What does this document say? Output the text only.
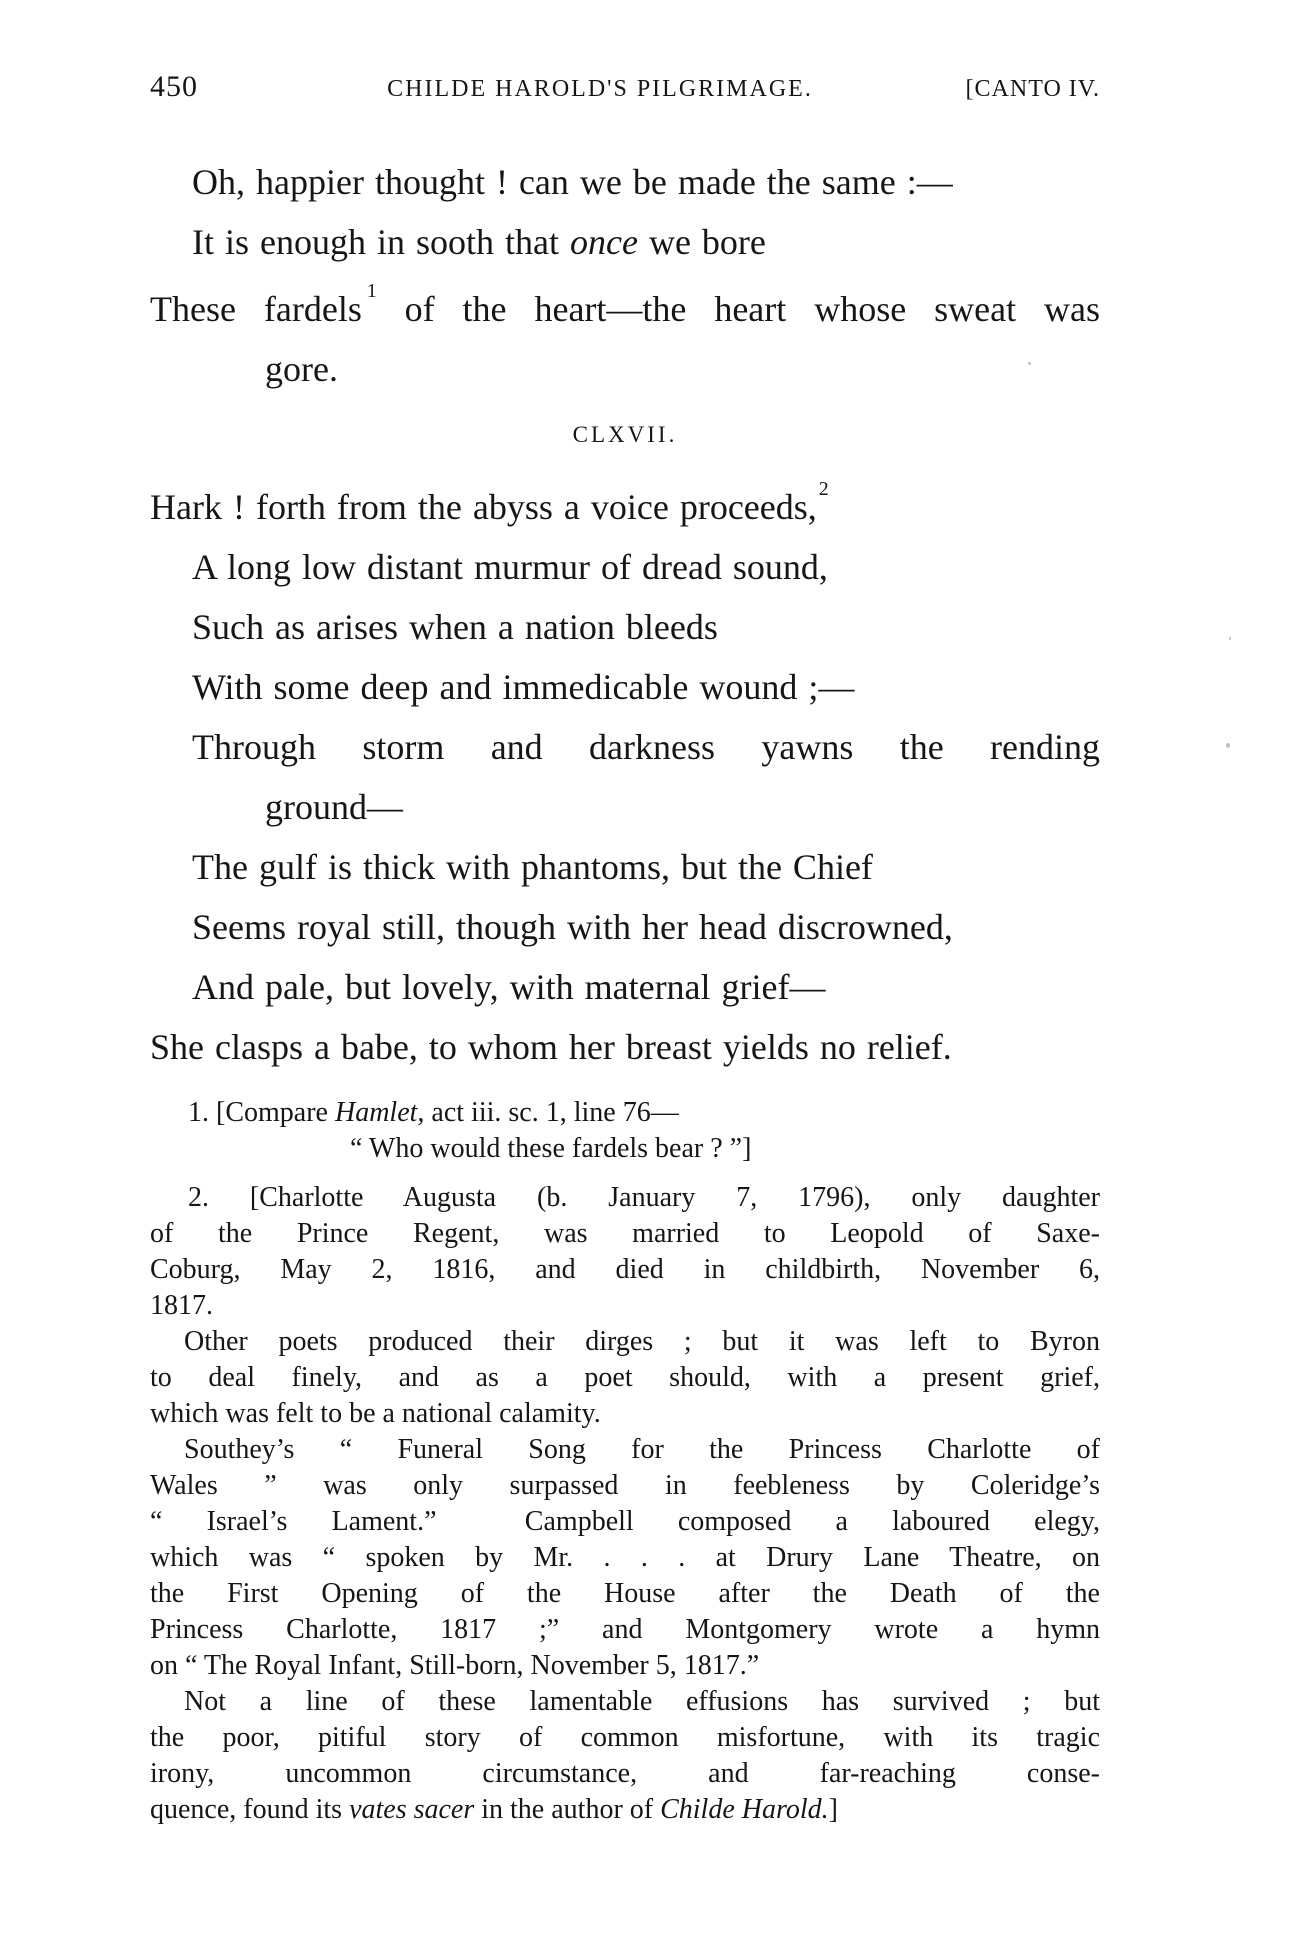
450	CHILDE HAROLD'S PILGRIMAGE.	[CANTO IV.
Oh, happier thought ! can we be made the same :—
It is enough in sooth that once we bore
These fardels $^1$ of the heart—the heart whose sweat was
gore.
CLXVII.
Hark ! forth from the abyss a voice proceeds, $^2$
A long low distant murmur of dread sound,
Such as arises when a nation bleeds
With some deep and immedicable wound ;—
Through storm and darkness yawns the rending
ground—
The gulf is thick with phantoms, but the Chief
Seems royal still, though with her head discrowned,
And pale, but lovely, with maternal grief—
She clasps a babe, to whom her breast yields no relief.
1. [Compare Hamlet, act iii. sc. 1, line 76—
“ Who would these fardels bear ? ”]
2. [Charlotte Augusta (b. January 7, 1796), only daughter
of the Prince Regent, was married to Leopold of Saxe-
Coburg, May 2, 1816, and died in childbirth, November 6,
1817.
Other poets produced their dirges ; but it was left to Byron
to deal finely, and as a poet should, with a present grief,
which was felt to be a national calamity.
Southey’s “ Funeral Song for the Princess Charlotte of
Wales ” was only surpassed in feebleness by Coleridge’s
“ Israel’s Lament.”  Campbell composed a laboured elegy,
which was “ spoken by Mr. . . . at Drury Lane Theatre, on
the First Opening of the House after the Death of the
Princess Charlotte, 1817 ;” and Montgomery wrote a hymn
on “ The Royal Infant, Still-born, November 5, 1817.”
Not a line of these lamentable effusions has survived ; but
the poor, pitiful story of common misfortune, with its tragic
irony, uncommon circumstance, and far-reaching conse-
quence, found its vates sacer in the author of Childe Harold.]
